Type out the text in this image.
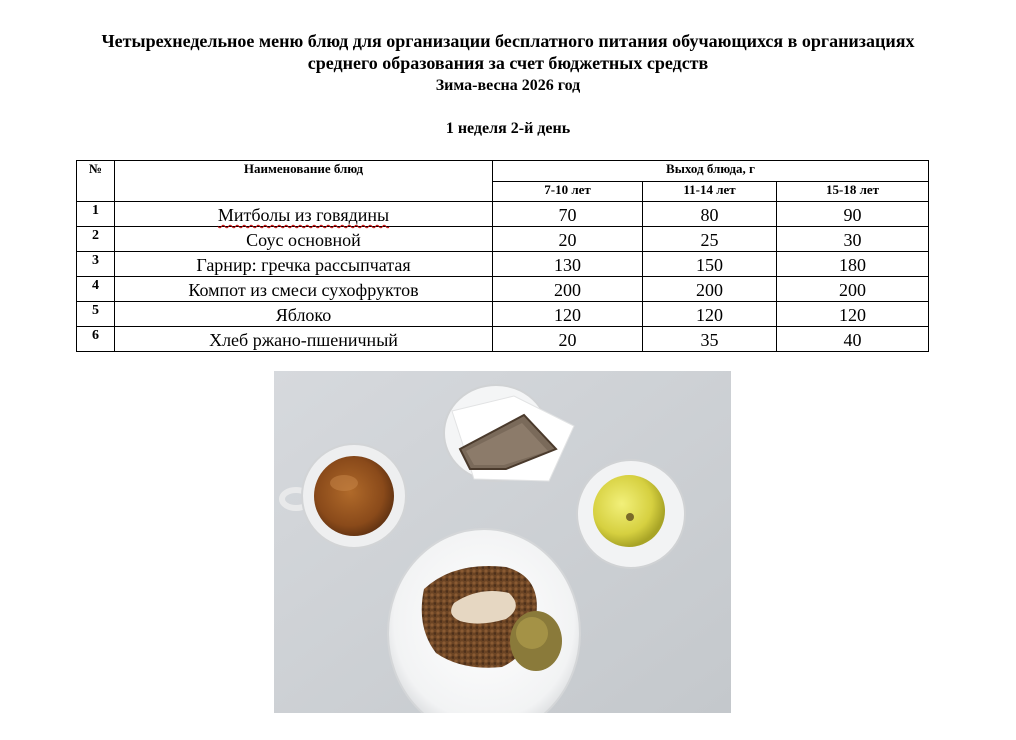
Четырехнедельное меню блюд для организации бесплатного питания обучающихся в организациях
среднего образования за счет бюджетных средств
Зима-весна 2026 год
1 неделя 2-й день
№	Наименование блюд	Выход блюда, г		
		7-10 лет	11-14 лет	15-18 лет
1	Митболы из говядины	70	80	90
2	Соус основной	20	25	30
3	Гарнир: гречка рассыпчатая	130	150	180
4	Компот из смеси сухофруктов	200	200	200
5	Яблоко	120	120	120
6	Хлеб ржано-пшеничный	20	35	40
